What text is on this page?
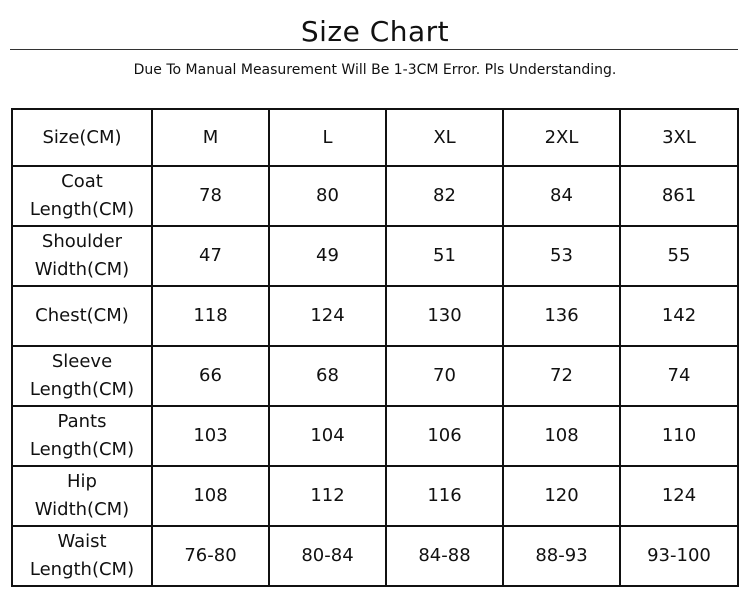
Size Chart
Due To Manual Measurement Will Be 1-3CM Error. Pls Understanding.
Size(CM)	M	L	XL	2XL	3XL
Coat
Length(CM)	78	80	82	84	861
Shoulder
Width(CM)	47	49	51	53	55
Chest(CM)	118	124	130	136	142
Sleeve
Length(CM)	66	68	70	72	74
Pants
Length(CM)	103	104	106	108	110
Hip
Width(CM)	108	112	116	120	124
Waist
Length(CM)	76-80	80-84	84-88	88-93	93-100
